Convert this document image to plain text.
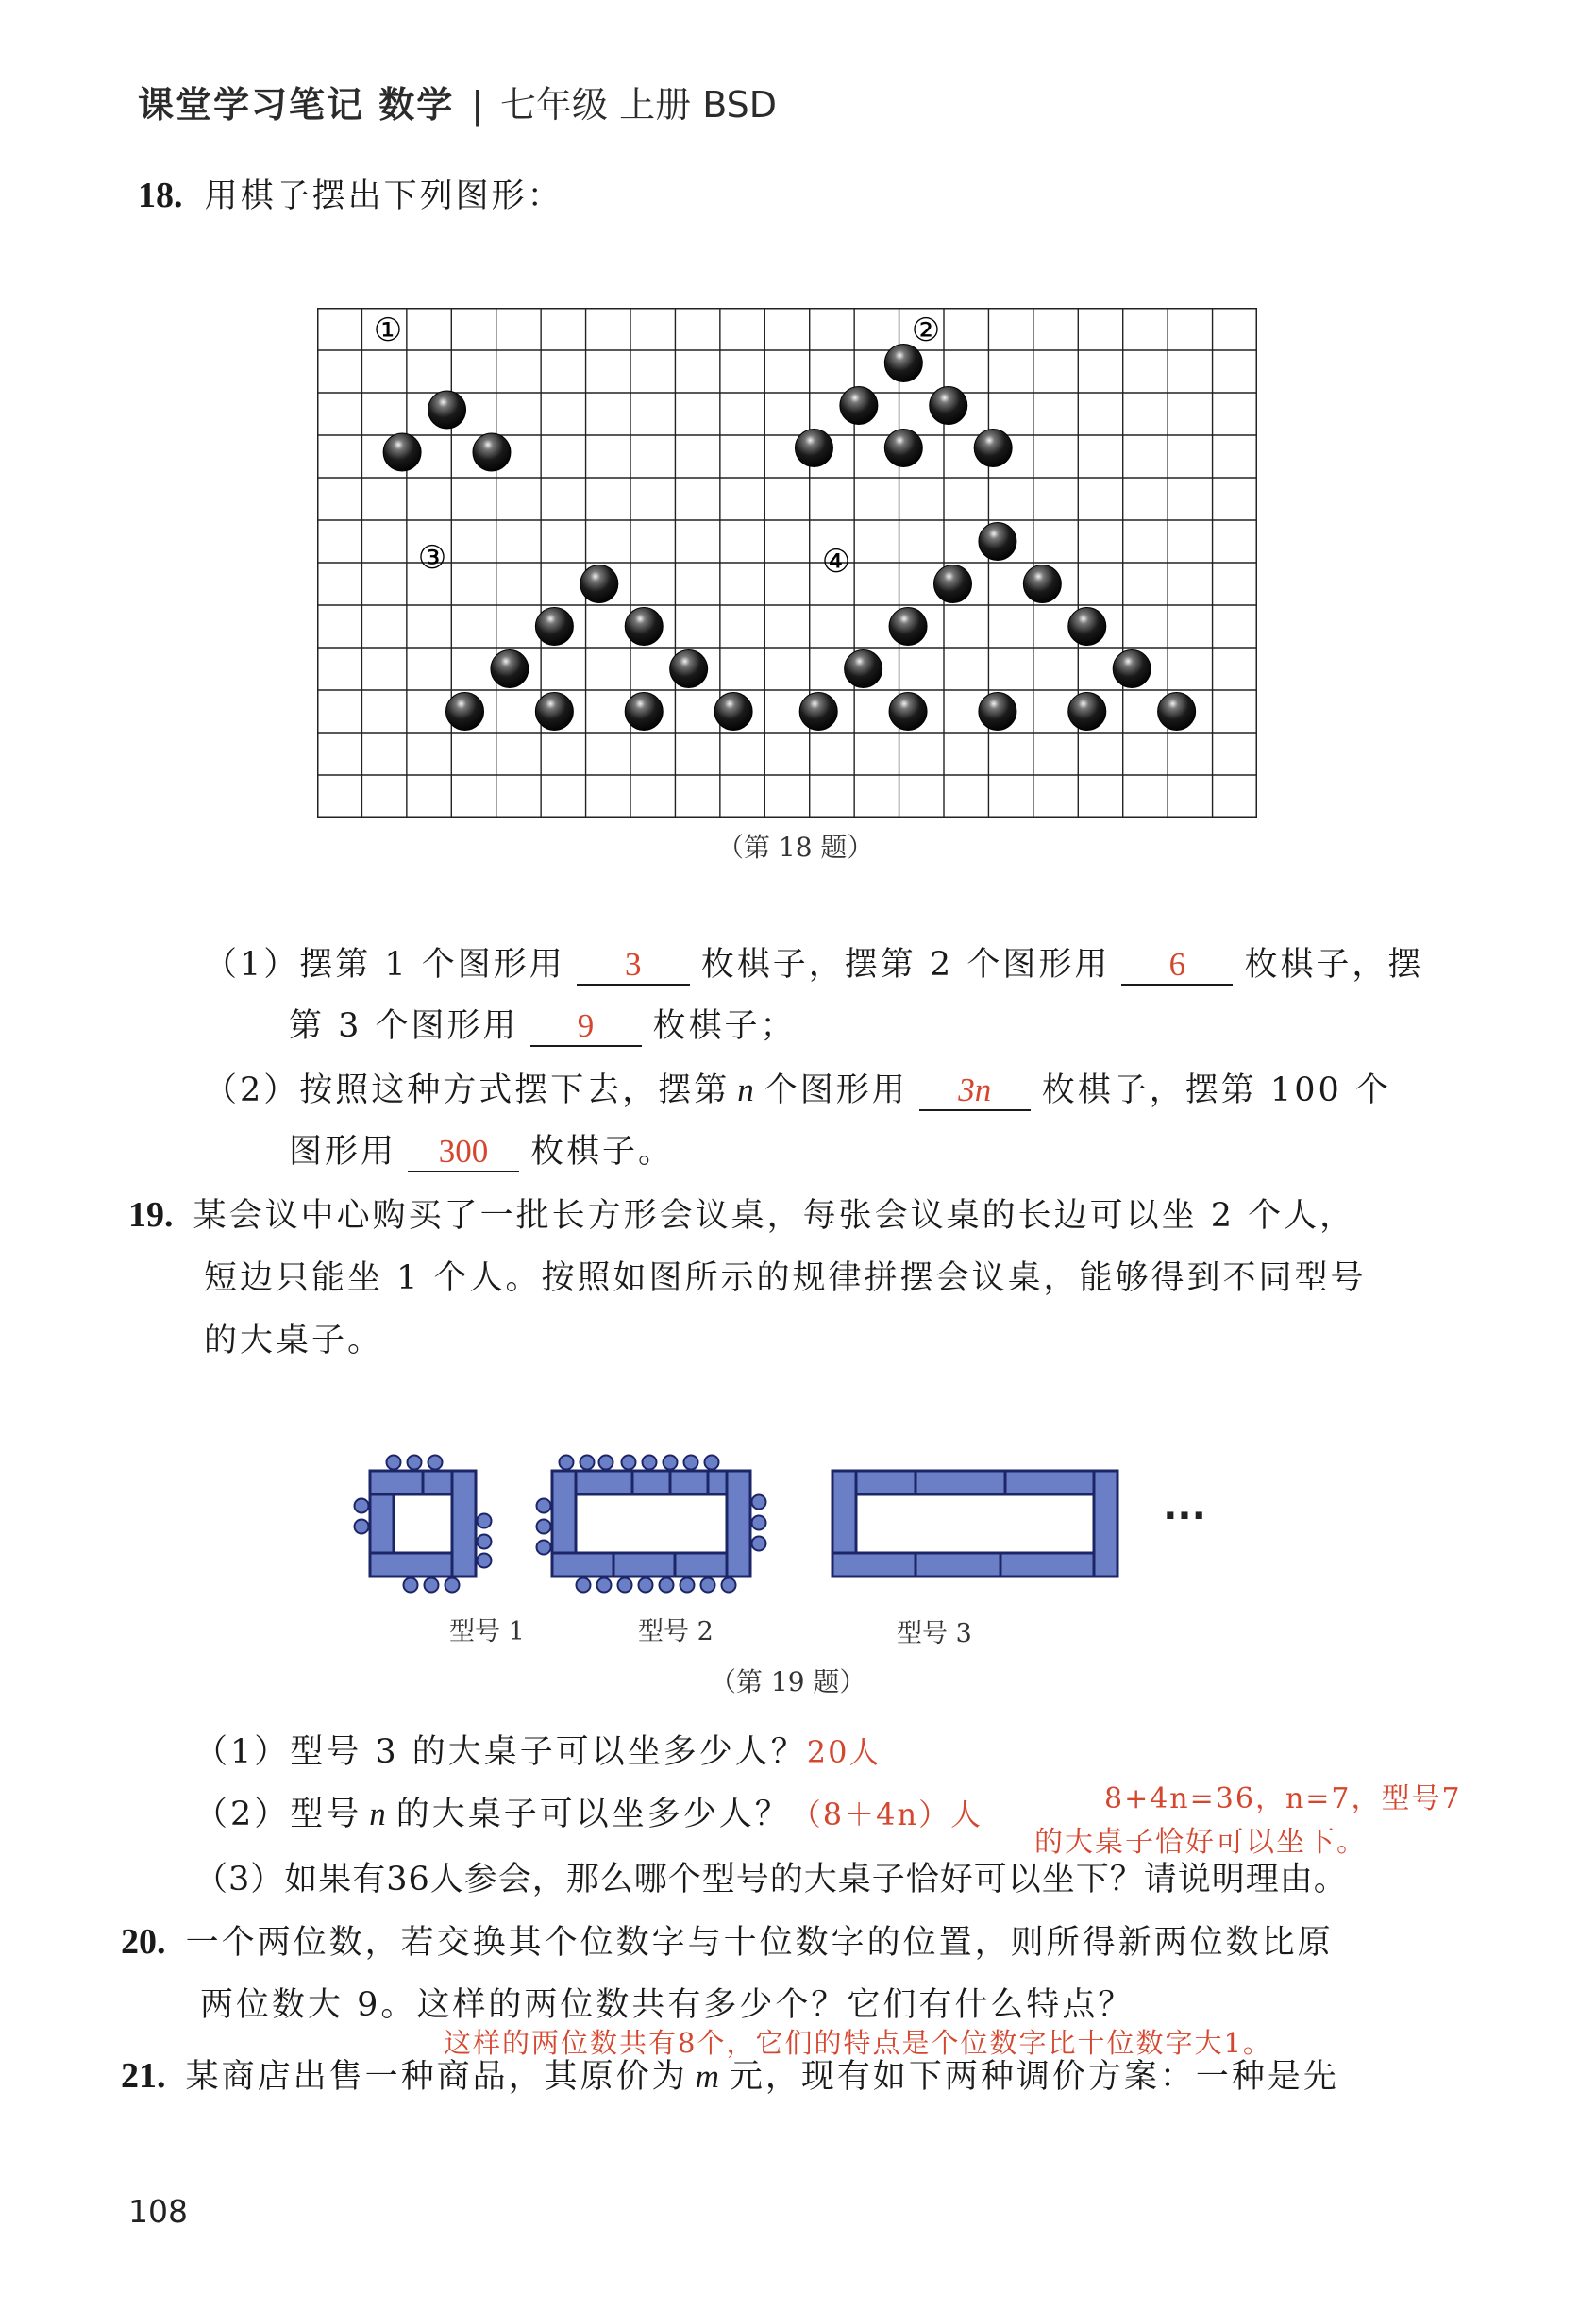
课堂学习笔记 数学 | 七年级 上册 BSD
18. 用棋子摆出下列图形：
①	②
③	④
（第 18 题）
（1）摆第 1 个图形用 3 枚棋子，摆第 2 个图形用 6 枚棋子，摆
第 3 个图形用 9 枚棋子；
（2）按照这种方式摆下去，摆第 n 个图形用 3n 枚棋子，摆第 100 个
图形用 300 枚棋子。
19. 某会议中心购买了一批长方形会议桌，每张会议桌的长边可以坐 2 个人，
短边只能坐 1 个人。按照如图所示的规律拼摆会议桌，能够得到不同型号
的大桌子。
···
型号 1	型号 2	型号 3
（第 19 题）
（1）型号 3 的大桌子可以坐多少人？20人
（2）型号 n 的大桌子可以坐多少人？（8＋4n）人	8+4n=36，n=7，型号7
的大桌子恰好可以坐下。
（3）如果有36人参会，那么哪个型号的大桌子恰好可以坐下？请说明理由。
20. 一个两位数，若交换其个位数字与十位数字的位置，则所得新两位数比原
两位数大 9。这样的两位数共有多少个？它们有什么特点？
这样的两位数共有8个，它们的特点是个位数字比十位数字大1。
21. 某商店出售一种商品，其原价为 m 元，现有如下两种调价方案：一种是先
108
